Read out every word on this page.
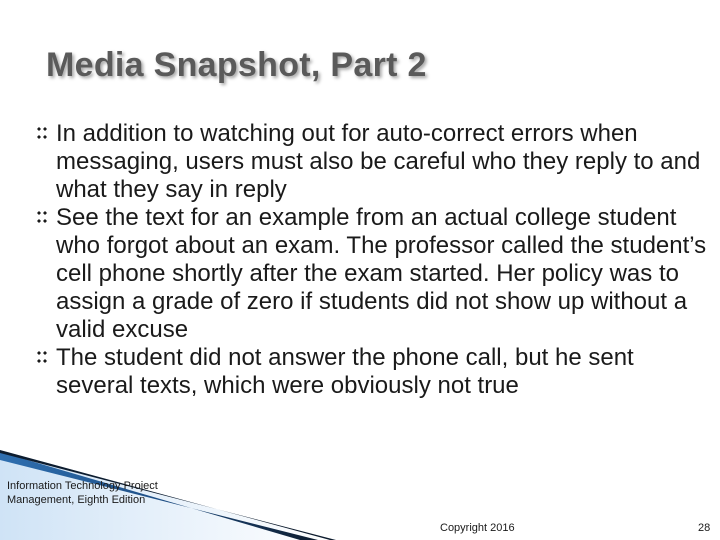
Media Snapshot, Part 2
In addition to watching out for auto-correct errors when messaging, users must also be careful who they reply to and what they say in reply
See the text for an example from an actual college student who forgot about an exam. The professor called the student’s cell phone shortly after the exam started. Her policy was to assign a grade of zero if students did not show up without a valid excuse
The student did not answer the phone call, but he sent several texts, which were obviously not true
Information Technology Project
Management, Eighth Edition
Copyright 2016	28
